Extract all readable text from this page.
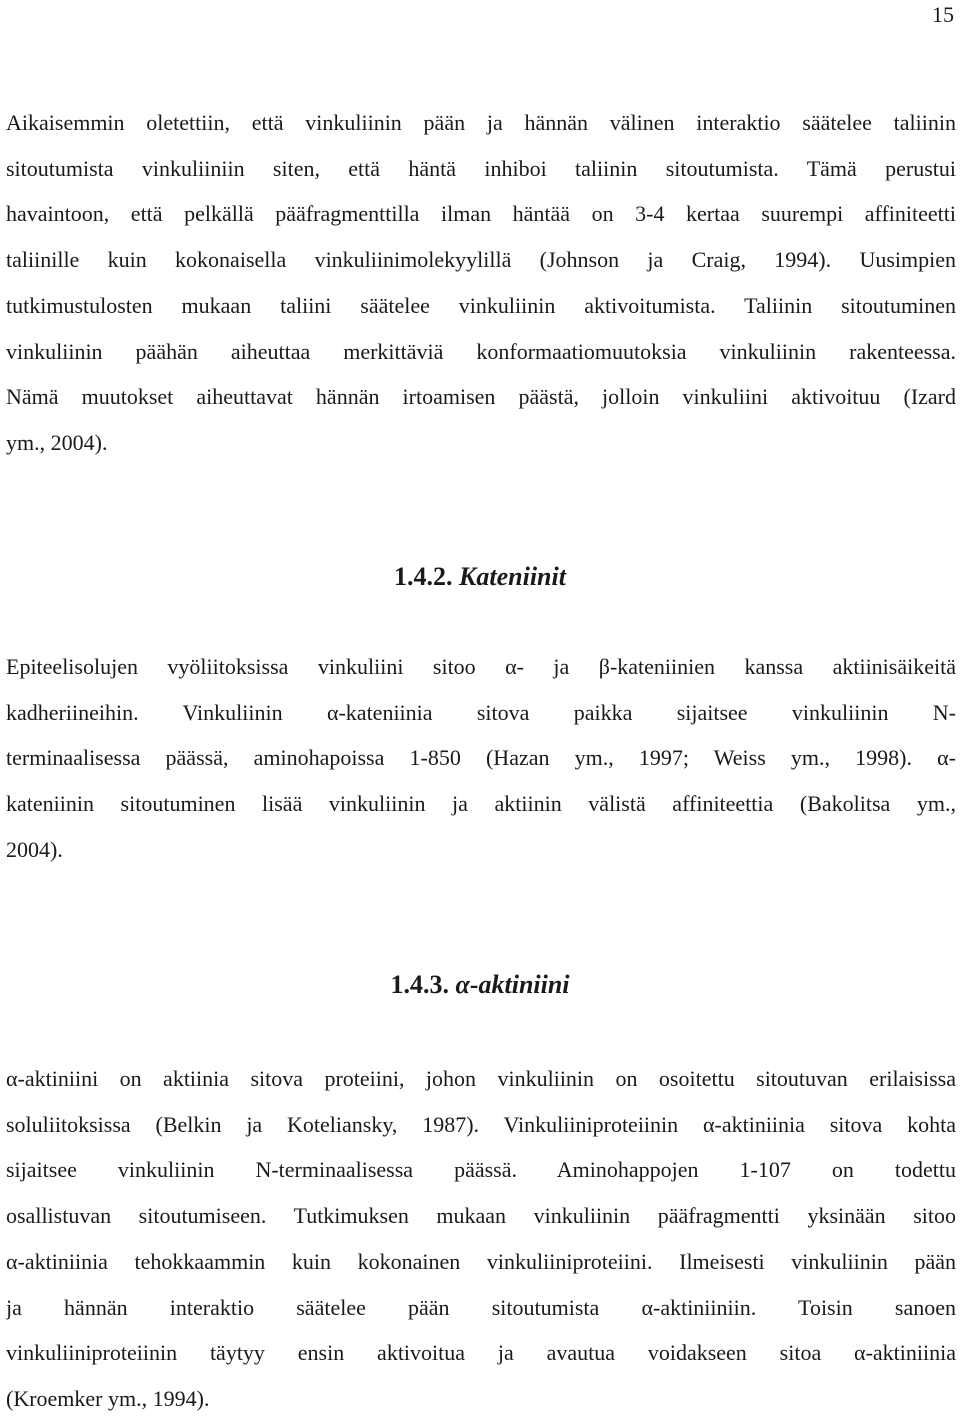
15
Aikaisemmin oletettiin, että vinkuliinin pään ja hännän välinen interaktio säätelee taliinin
sitoutumista vinkuliiniin siten, että häntä inhiboi taliinin sitoutumista. Tämä perustui
havaintoon, että pelkällä pääfragmenttilla ilman häntää on 3-4 kertaa suurempi affiniteetti
taliinille kuin kokonaisella vinkuliinimolekyylillä (Johnson ja Craig, 1994). Uusimpien
tutkimustulosten mukaan taliini säätelee vinkuliinin aktivoitumista. Taliinin sitoutuminen
vinkuliinin päähän aiheuttaa merkittäviä konformaatiomuutoksia vinkuliinin rakenteessa.
Nämä muutokset aiheuttavat hännän irtoamisen päästä, jolloin vinkuliini aktivoituu (Izard
ym., 2004).
1.4.2. Kateniinit
Epiteelisolujen vyöliitoksissa vinkuliini sitoo α- ja β-kateniinien kanssa aktiinisäikeitä
kadheriineihin. Vinkuliinin α-kateniinia sitova paikka sijaitsee vinkuliinin N-
terminaalisessa päässä, aminohapoissa 1-850 (Hazan ym., 1997; Weiss ym., 1998). α-
kateniinin sitoutuminen lisää vinkuliinin ja aktiinin välistä affiniteettia (Bakolitsa ym.,
2004).
1.4.3. α-aktiniini
α-aktiniini on aktiinia sitova proteiini, johon vinkuliinin on osoitettu sitoutuvan erilaisissa
soluliitoksissa (Belkin ja Koteliansky, 1987). Vinkuliiniproteiinin α-aktiniinia sitova kohta
sijaitsee vinkuliinin N-terminaalisessa päässä. Aminohappojen 1-107 on todettu
osallistuvan sitoutumiseen. Tutkimuksen mukaan vinkuliinin pääfragmentti yksinään sitoo
α-aktiniinia tehokkaammin kuin kokonainen vinkuliiniproteiini. Ilmeisesti vinkuliinin pään
ja hännän interaktio säätelee pään sitoutumista α-aktiniiniin. Toisin sanoen
vinkuliiniproteiinin täytyy ensin aktivoitua ja avautua voidakseen sitoa α-aktiniinia
(Kroemker ym., 1994).
